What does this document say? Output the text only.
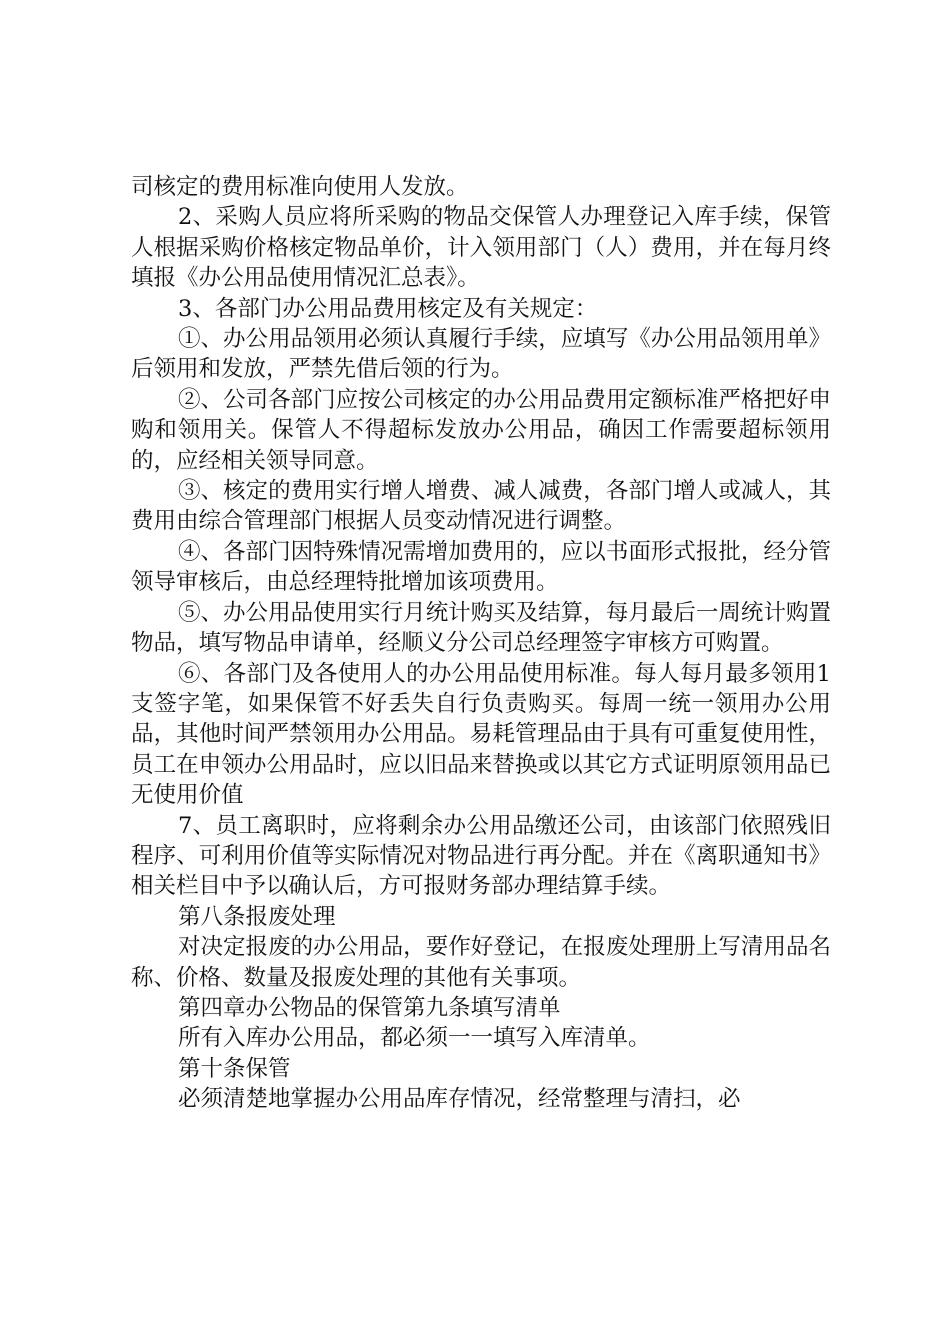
司核定的费用标准向使用人发放。

2、采购人员应将所采购的物品交保管人办理登记入库手续，保管人根据采购价格核定物品单价，计入领用部门（人）费用，并在每月终填报《办公用品使用情况汇总表》。

3、各部门办公用品费用核定及有关规定：

①、办公用品领用必须认真履行手续，应填写《办公用品领用单》后领用和发放，严禁先借后领的行为。

②、公司各部门应按公司核定的办公用品费用定额标准严格把好申购和领用关。保管人不得超标发放办公用品，确因工作需要超标领用的，应经相关领导同意。

③、核定的费用实行增人增费、减人减费，各部门增人或减人，其费用由综合管理部门根据人员变动情况进行调整。

④、各部门因特殊情况需增加费用的，应以书面形式报批，经分管领导审核后，由总经理特批增加该项费用。

⑤、办公用品使用实行月统计购买及结算，每月最后一周统计购置物品，填写物品申请单，经顺义分公司总经理签字审核方可购置。

⑥、各部门及各使用人的办公用品使用标准。每人每月最多领用1支签字笔，如果保管不好丢失自行负责购买。每周一统一领用办公用品，其他时间严禁领用办公用品。易耗管理品由于具有可重复使用性，员工在申领办公用品时，应以旧品来替换或以其它方式证明原领用品已无使用价值

7、员工离职时，应将剩余办公用品缴还公司，由该部门依照残旧程序、可利用价值等实际情况对物品进行再分配。并在《离职通知书》相关栏目中予以确认后，方可报财务部办理结算手续。

第八条报废处理

对决定报废的办公用品，要作好登记，在报废处理册上写清用品名称、价格、数量及报废处理的其他有关事项。

第四章办公物品的保管第九条填写清单

所有入库办公用品，都必须一一填写入库清单。

第十条保管

必须清楚地掌握办公用品库存情况，经常整理与清扫，必
